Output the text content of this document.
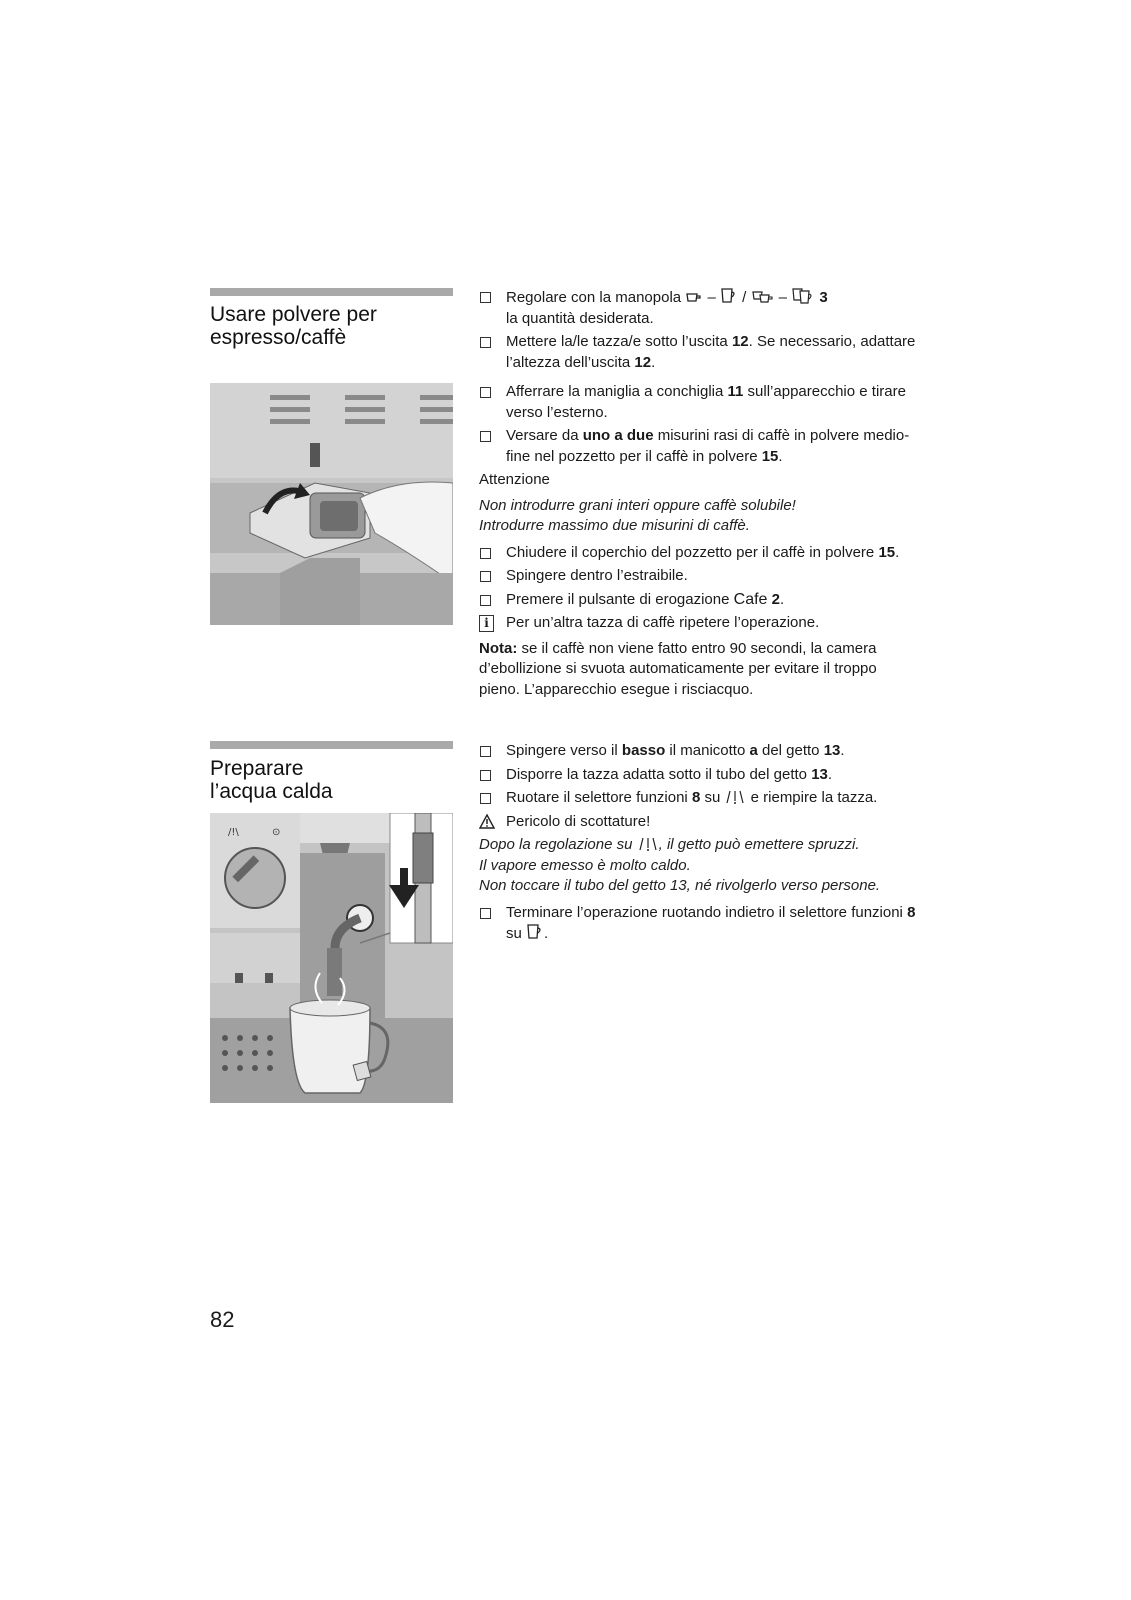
Usare polvere per
espresso/caffè
Regolare con la manopola  –  /  –  3
la quantità desiderata.
Mettere la/le tazza/e sotto l’uscita 12. Se necessario, adattare l’altezza dell’uscita 12.
Afferrare la maniglia a conchiglia 11 sull’apparecchio e tirare verso l’esterno.
Versare da uno a due misurini rasi di caffè in polvere medio-fine nel pozzetto per il caffè in polvere 15.

Attenzione

Non introdurre grani interi oppure caffè solubile!

Introdurre massimo due misurini di caffè.

Chiudere il coperchio del pozzetto per il caffè in polvere 15.
Spingere dentro l’estraibile.
Premere il pulsante di erogazione Cafe 2.
i	Per un’altra tazza di caffè ripetere l’operazione.

Nota: se il caffè non viene fatto entro 90 secondi, la camera d’ebollizione si svuota automaticamente per evitare il troppo pieno. L’apparecchio esegue i risciacquo.

Preparare
l’acqua calda
/!\	⊙
Spingere verso il basso il manicotto a del getto 13.
Disporre la tazza adatta sotto il tubo del getto 13.
Ruotare il selettore funzioni 8 su  e riempire la tazza.
Pericolo di scottature!

Dopo la regolazione su , il getto può emettere spruzzi.

Il vapore emesso è molto caldo.

Non toccare il tubo del getto 13, né rivolgerlo verso persone.

Terminare l’operazione ruotando indietro il selettore funzioni 8 su .
82
